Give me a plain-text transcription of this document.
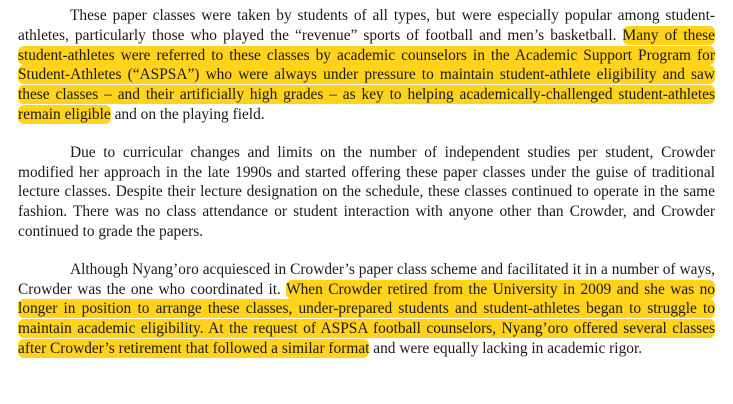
These paper classes were taken by students of all types, but were especially popular among student-athletes, particularly those who played the “revenue” sports of football and men’s basketball. Many of these student-athletes were referred to these classes by academic counselors in the Academic Support Program for Student-Athletes (“ASPSA”) who were always under pressure to maintain student-athlete eligibility and saw these classes – and their artificially high grades – as key to helping academically-challenged student-athletes remain eligible and on the playing field.

Due to curricular changes and limits on the number of independent studies per student, Crowder modified her approach in the late 1990s and started offering these paper classes under the guise of traditional lecture classes. Despite their lecture designation on the schedule, these classes continued to operate in the same fashion. There was no class attendance or student interaction with anyone other than Crowder, and Crowder continued to grade the papers.

Although Nyang’oro acquiesced in Crowder’s paper class scheme and facilitated it in a number of ways, Crowder was the one who coordinated it. When Crowder retired from the University in 2009 and she was no longer in position to arrange these classes, under-prepared students and student-athletes began to struggle to maintain academic eligibility. At the request of ASPSA football counselors, Nyang’oro offered several classes after Crowder’s retirement that followed a similar format and were equally lacking in academic rigor.
